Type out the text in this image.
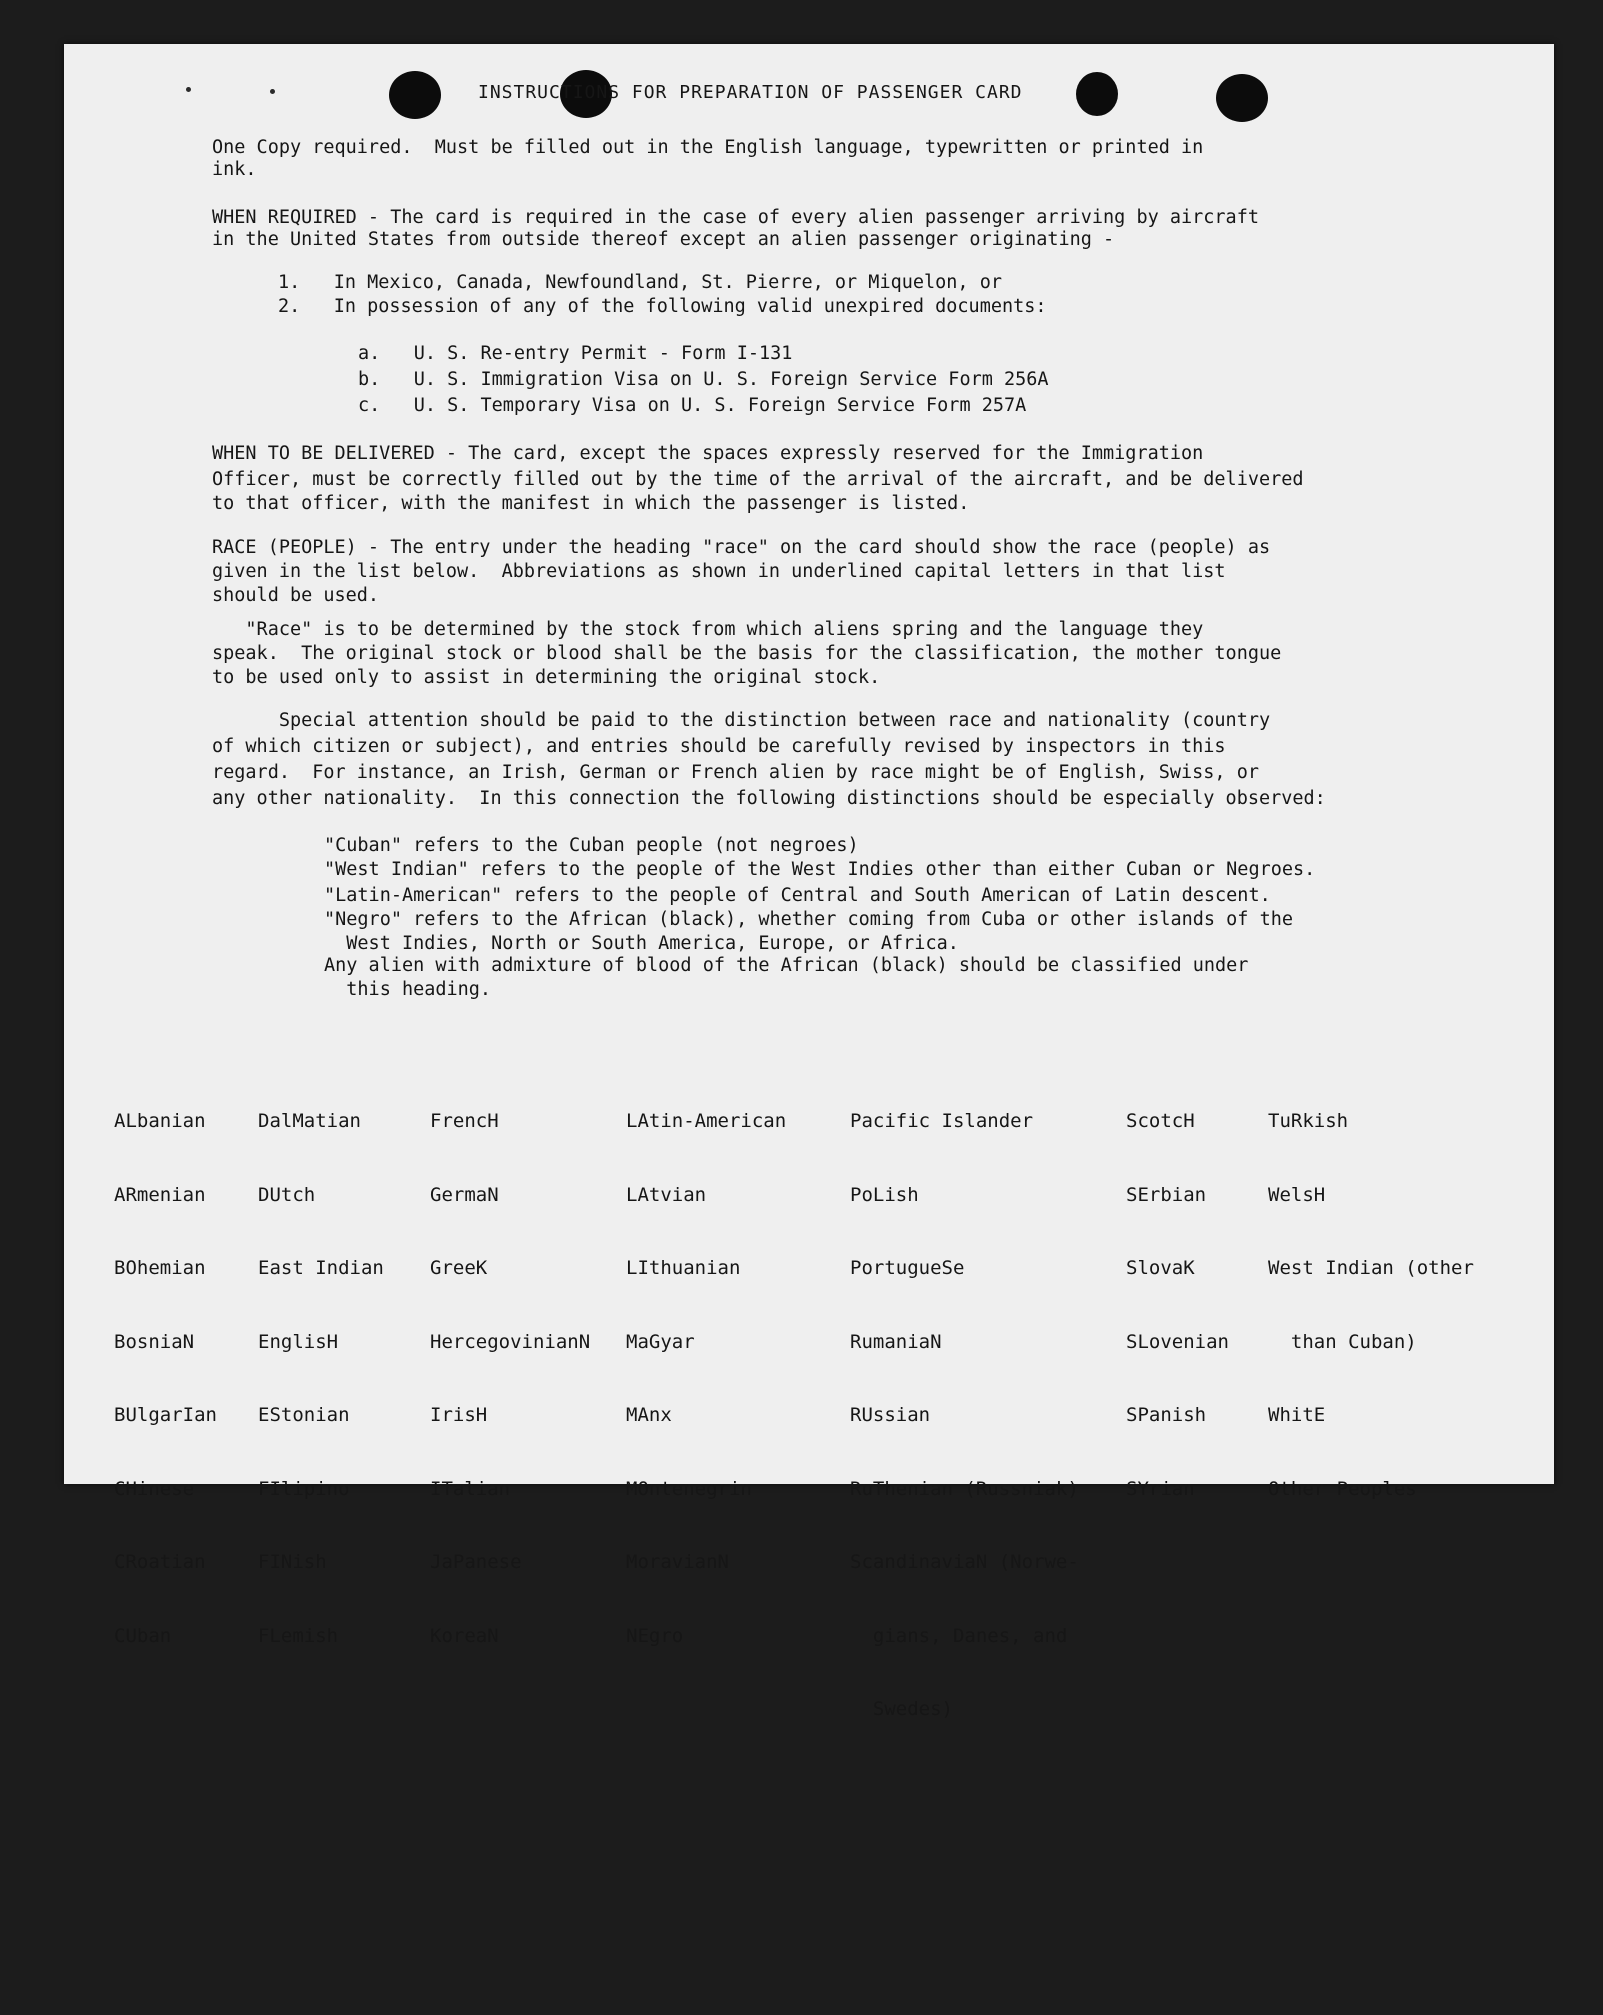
INSTRUCTIONS FOR PREPARATION OF PASSENGER CARD
One Copy required.  Must be filled out in the English language, typewritten or printed in
ink.
WHEN REQUIRED - The card is required in the case of every alien passenger arriving by aircraft
in the United States from outside thereof except an alien passenger originating -
1.   In Mexico, Canada, Newfoundland, St. Pierre, or Miquelon, or
2.   In possession of any of the following valid unexpired documents:
a.   U. S. Re-entry Permit - Form I-131
b.   U. S. Immigration Visa on U. S. Foreign Service Form 256A
c.   U. S. Temporary Visa on U. S. Foreign Service Form 257A
WHEN TO BE DELIVERED - The card, except the spaces expressly reserved for the Immigration
Officer, must be correctly filled out by the time of the arrival of the aircraft, and be delivered
to that officer, with the manifest in which the passenger is listed.
RACE (PEOPLE) - The entry under the heading "race" on the card should show the race (people) as
given in the list below.  Abbreviations as shown in underlined capital letters in that list
should be used.
"Race" is to be determined by the stock from which aliens spring and the language they
speak.  The original stock or blood shall be the basis for the classification, the mother tongue
to be used only to assist in determining the original stock.
Special attention should be paid to the distinction between race and nationality (country
of which citizen or subject), and entries should be carefully revised by inspectors in this
regard.  For instance, an Irish, German or French alien by race might be of English, Swiss, or
any other nationality.  In this connection the following distinctions should be especially observed:
"Cuban" refers to the Cuban people (not negroes)
"West Indian" refers to the people of the West Indies other than either Cuban or Negroes.
"Latin-American" refers to the people of Central and South American of Latin descent.
"Negro" refers to the African (black), whether coming from Cuba or other islands of the
West Indies, North or South America, Europe, or Africa.
Any alien with admixture of blood of the African (black) should be classified under
this heading.

ALbanian

ARmenian

BOhemian

BosniaN

BUlgarIan

CHinese

CRoatian

CUban

DalMatian

DUtch

East Indian

EnglisH

EStonian

FIlipino

FINish

FLemish

FrencH

GermaN

GreeK

HercegovinianN

IrisH

ITalian

JaPanese

KoreaN

LAtin-American

LAtvian

LIthuanian

MaGyar

MAnx

MOntenegrin

MoravianN

NEgro

Pacific Islander

PoLish

PortugueSe

RumaniaN

RUssian

RuThenian (Russniak)

ScandinaviaN (Norwe-

gians, Danes, and

Swedes)

ScotcH

SErbian

SlovaK

SLovenian

SPanish

SYrian

TuRkish

WelsH

West Indian (other

than Cuban)

WhitE

Other Peoples
